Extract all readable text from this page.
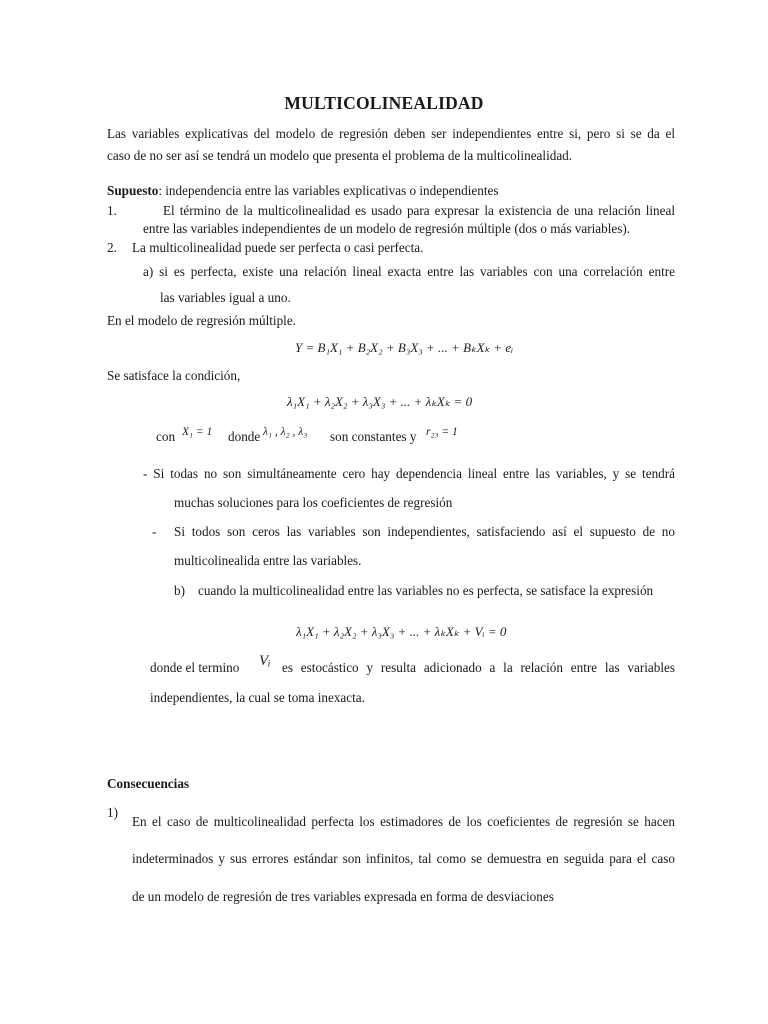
MULTICOLINEALIDAD
Las variables explicativas del modelo de regresión deben ser independientes entre si, pero si se da el
caso de no ser así se tendrá un modelo que presenta el problema de la multicolinealidad.
Supuesto: independencia entre las variables explicativas o independientes
1.	El término de la multicolinealidad es usado para expresar la existencia de una relación lineal
entre las variables independientes de un modelo de regresión múltiple (dos o más variables).
2. La multicolinealidad puede ser perfecta o casi perfecta.
a) si es perfecta, existe una relación lineal exacta entre las variables con una correlación entre
las variables igual a uno.
En el modelo de regresión múltiple.
Y = B₁X₁ + B₂X₂ + B₃X₃ + ... + BₖXₖ + eᵢ
Se satisface la condición,
λ₁X₁ + λ₂X₂ + λ₃X₃ + ... + λₖXₖ = 0
con X₁ = 1 donde λ₁ , λ₂ , λ₃ son constantes y r₂₃ = 1
- Si todas no son simultáneamente cero hay dependencia lineal entre las variables, y se tendrá
muchas soluciones para los coeficientes de regresión
- Si todos son ceros las variables son independientes, satisfaciendo así el supuesto de no
multicolinealida entre las variables.
b) cuando la multicolinealidad entre las variables no es perfecta, se satisface la expresión
λ₁X₁ + λ₂X₂ + λ₃X₃ + ... + λₖXₖ + Vᵢ = 0
donde el termino Vᵢ es estocástico y resulta adicionado a la relación entre las variables
independientes, la cual se toma inexacta.
Consecuencias
1)
En el caso de multicolinealidad perfecta los estimadores de los coeficientes de regresión se hacen
indeterminados y sus errores estándar son infinitos, tal como se demuestra en seguida para el caso
de un modelo de regresión de tres variables expresada en forma de desviaciones
